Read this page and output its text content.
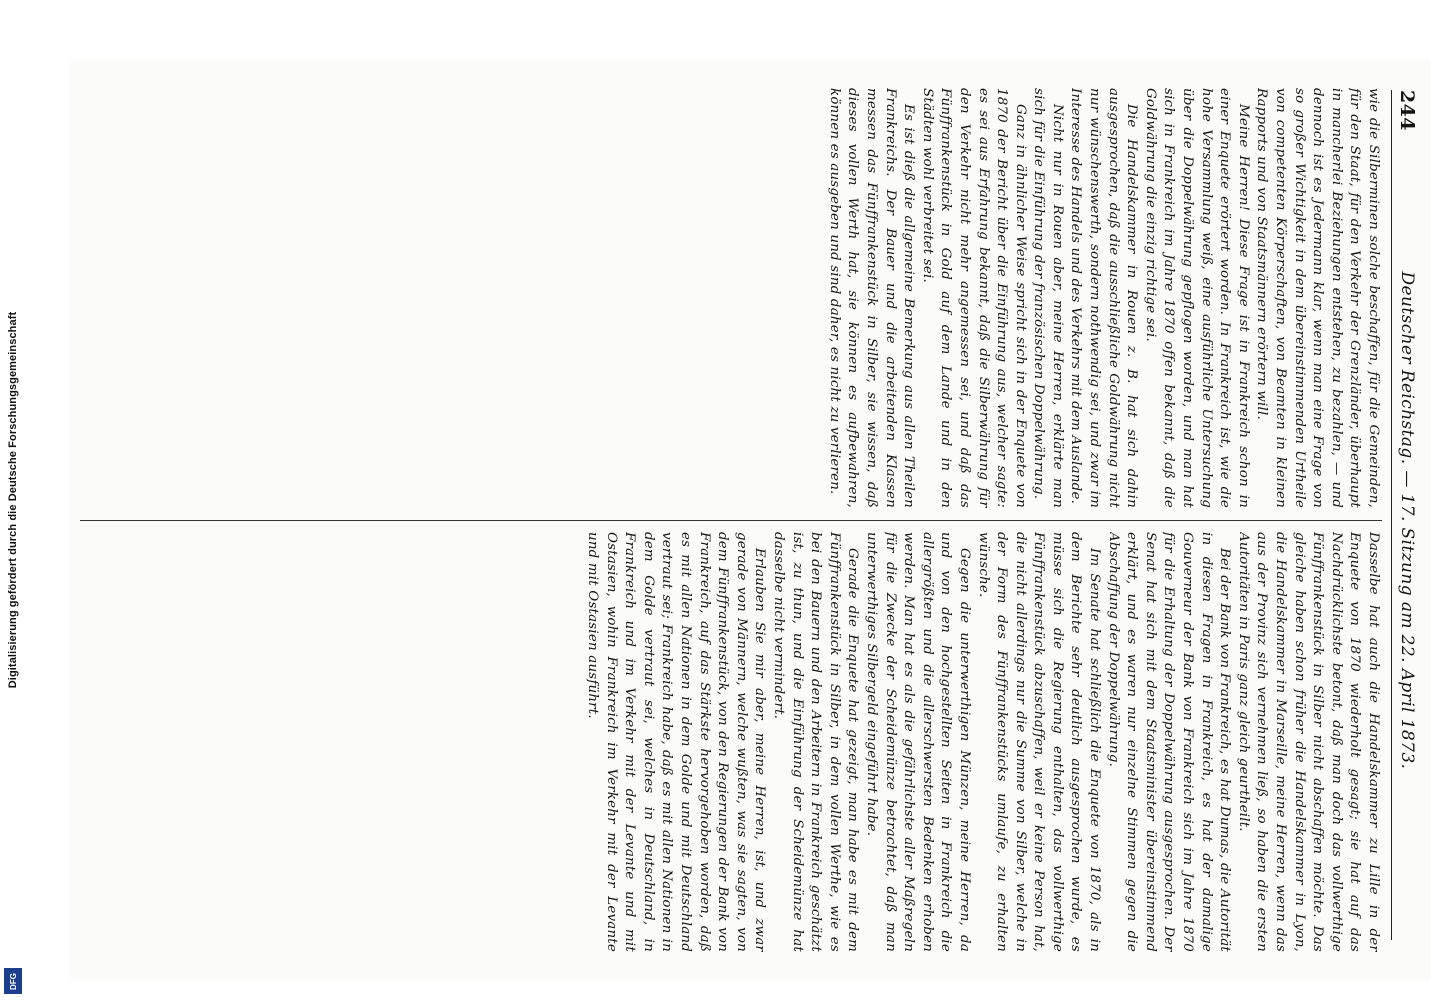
Digitalisierung gefördert durch die Deutsche Forschungsgemeinschaft
DFG
244
Deutscher Reichstag. — 17. Sitzung am 22. April 1873.

wie die Silberminen solche beschaffen, für die Gemeinden, für den Staat, für den Verkehr der Grenzländer, überhaupt in mancherlei Beziehungen entstehen, zu bezahlen, — und dennoch ist es Jedermann klar, wenn man eine Frage von so großer Wichtigkeit in dem übereinstimmenden Urtheile von competenten Körperschaften, von Beamten in kleinen Rapports und von Staatsmännern erörtern will.

Meine Herren! Diese Frage ist in Frankreich schon in einer Enquete erörtert worden. In Frankreich ist, wie die hohe Versammlung weiß, eine ausführliche Untersuchung über die Doppelwährung gepflogen worden, und man hat sich in Frankreich im Jahre 1870 offen bekannt, daß die Goldwährung die einzig richtige sei.

Die Handelskammer in Rouen z. B. hat sich dahin ausgesprochen, daß die ausschließliche Goldwährung nicht nur wünschenswerth, sondern nothwendig sei, und zwar im Interesse des Handels und des Verkehrs mit dem Auslande.

Nicht nur in Rouen aber, meine Herren, erklärte man sich für die Einführung der französischen Doppelwährung.

Ganz in ähnlicher Weise spricht sich in der Enquete von 1870 der Bericht über die Einführung aus, welcher sagte: es sei aus Erfahrung bekannt, daß die Silberwährung für den Verkehr nicht mehr angemessen sei, und daß das Fünffrankenstück in Gold auf dem Lande und in den Städten wohl verbreitet sei.

Es ist dieß die allgemeine Bemerkung aus allen Theilen Frankreichs. Der Bauer und die arbeitenden Klassen messen das Fünffrankenstück in Silber, sie wissen, daß dieses vollen Werth hat, sie können es aufbewahren, können es ausgeben und sind daher, es nicht zu verlieren.

Dasselbe hat auch die Handelskammer zu Lille in der Enquete von 1870 wiederholt gesagt; sie hat auf das Nachdrücklichste betont, daß man doch das vollwerthige Fünffrankenstück in Silber nicht abschaffen möchte. Das gleiche haben schon früher die Handelskammer in Lyon, die Handelskammer in Marseille, meine Herren, wenn das aus der Provinz sich vernehmen ließ, so haben die ersten Autoritäten in Paris ganz gleich geurtheilt.

Bei der Bank von Frankreich, es hat Dumas, die Autorität in diesen Fragen in Frankreich, es hat der damalige Gouverneur der Bank von Frankreich sich im Jahre 1870 für die Erhaltung der Doppelwährung ausgesprochen. Der Senat hat sich mit dem Staatsminister übereinstimmend erklärt, und es waren nur einzelne Stimmen gegen die Abschaffung der Doppelwährung.

Im Senate hat schließlich die Enquete von 1870, als in dem Berichte sehr deutlich ausgesprochen wurde, es müsse sich die Regierung enthalten, das vollwerthige Fünffrankenstück abzuschaffen, weil er keine Person hat, die nicht allerdings nur die Summe von Silber, welche in der Form des Fünffrankenstücks umlaufe, zu erhalten wünsche.

Gegen die unterwerthigen Münzen, meine Herren, da und von den hochgestellten Seiten in Frankreich die allergrößten und die allerschwersten Bedenken erhoben werden. Man hat es als die gefährlichste aller Maßregeln für die Zwecke der Scheidemünze betrachtet, daß man unterwerthiges Silbergeld eingeführt habe.

Gerade die Enquete hat gezeigt, man habe es mit dem Fünffrankenstück in Silber, in dem vollen Werthe, wie es bei den Bauern und den Arbeitern in Frankreich geschätzt ist, zu thun, und die Einführung der Scheidemünze hat dasselbe nicht vermindert.

Erlauben Sie mir aber, meine Herren, ist, und zwar gerade von Männern, welche wußten, was sie sagten, von dem Fünffrankenstück, von den Regierungen der Bank von Frankreich, auf das Stärkste hervorgehoben worden, daß es mit allen Nationen in dem Golde und mit Deutschland vertraut sei; Frankreich habe, daß es mit allen Nationen in dem Golde vertraut sei, welches in Deutschland, in Frankreich und im Verkehr mit der Levante und mit Ostasien, wohin Frankreich im Verkehr mit der Levante und mit Ostasien ausführt.
